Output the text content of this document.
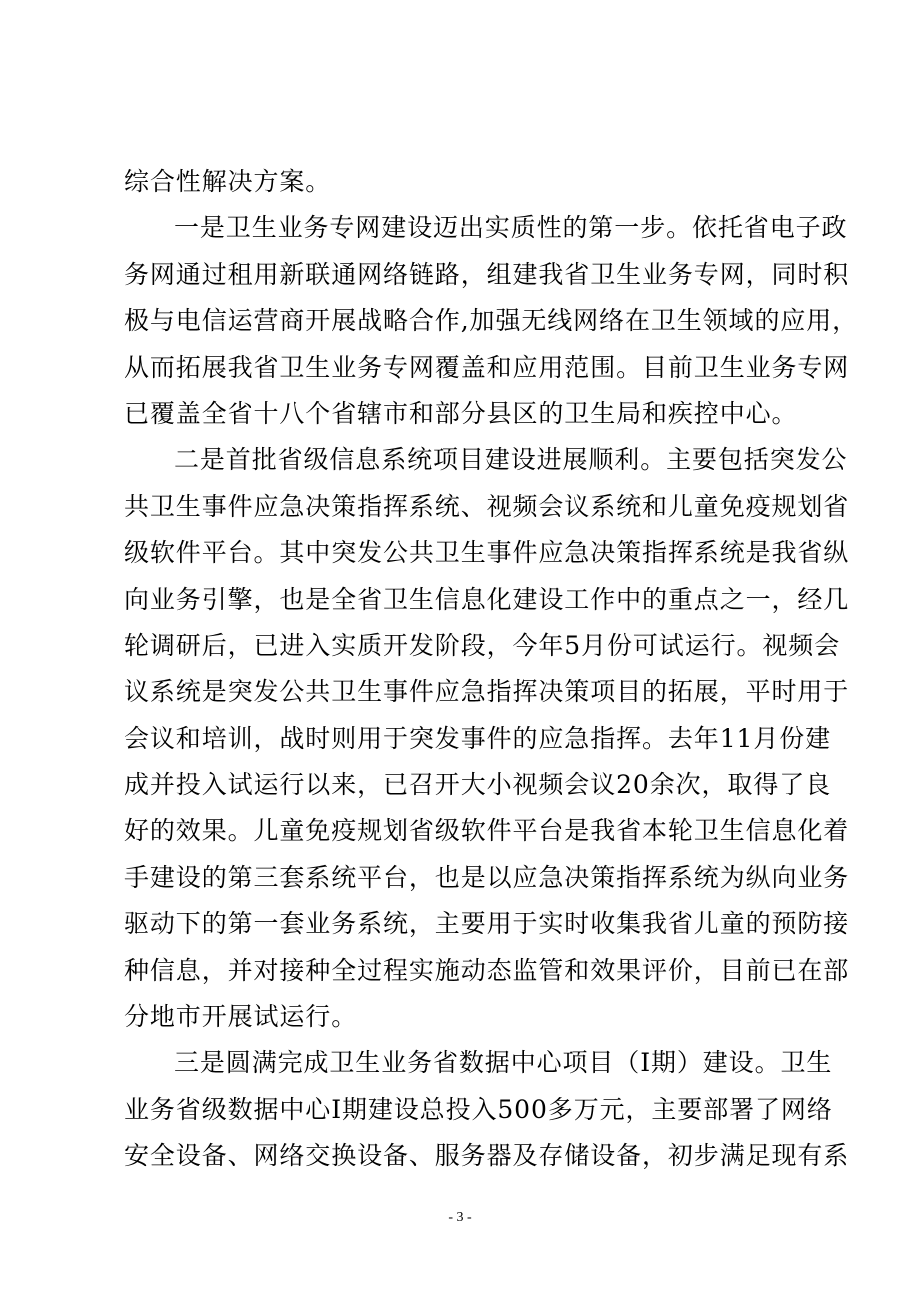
综合性解决方案。
一是卫生业务专网建设迈出实质性的第一步。依托省电子政
务网通过租用新联通网络链路，组建我省卫生业务专网，同时积
极与电信运营商开展战略合作,加强无线网络在卫生领域的应用，
从而拓展我省卫生业务专网覆盖和应用范围。目前卫生业务专网
已覆盖全省十八个省辖市和部分县区的卫生局和疾控中心。
二是首批省级信息系统项目建设进展顺利。主要包括突发公
共卫生事件应急决策指挥系统、视频会议系统和儿童免疫规划省
级软件平台。其中突发公共卫生事件应急决策指挥系统是我省纵
向业务引擎，也是全省卫生信息化建设工作中的重点之一，经几
轮调研后，已进入实质开发阶段，今年5月份可试运行。视频会
议系统是突发公共卫生事件应急指挥决策项目的拓展，平时用于
会议和培训，战时则用于突发事件的应急指挥。去年11月份建
成并投入试运行以来，已召开大小视频会议20余次，取得了良
好的效果。儿童免疫规划省级软件平台是我省本轮卫生信息化着
手建设的第三套系统平台，也是以应急决策指挥系统为纵向业务
驱动下的第一套业务系统，主要用于实时收集我省儿童的预防接
种信息，并对接种全过程实施动态监管和效果评价，目前已在部
分地市开展试运行。
三是圆满完成卫生业务省数据中心项目（I期）建设。卫生
业务省级数据中心I期建设总投入500多万元，主要部署了网络
安全设备、网络交换设备、服务器及存储设备，初步满足现有系
- 3 -
